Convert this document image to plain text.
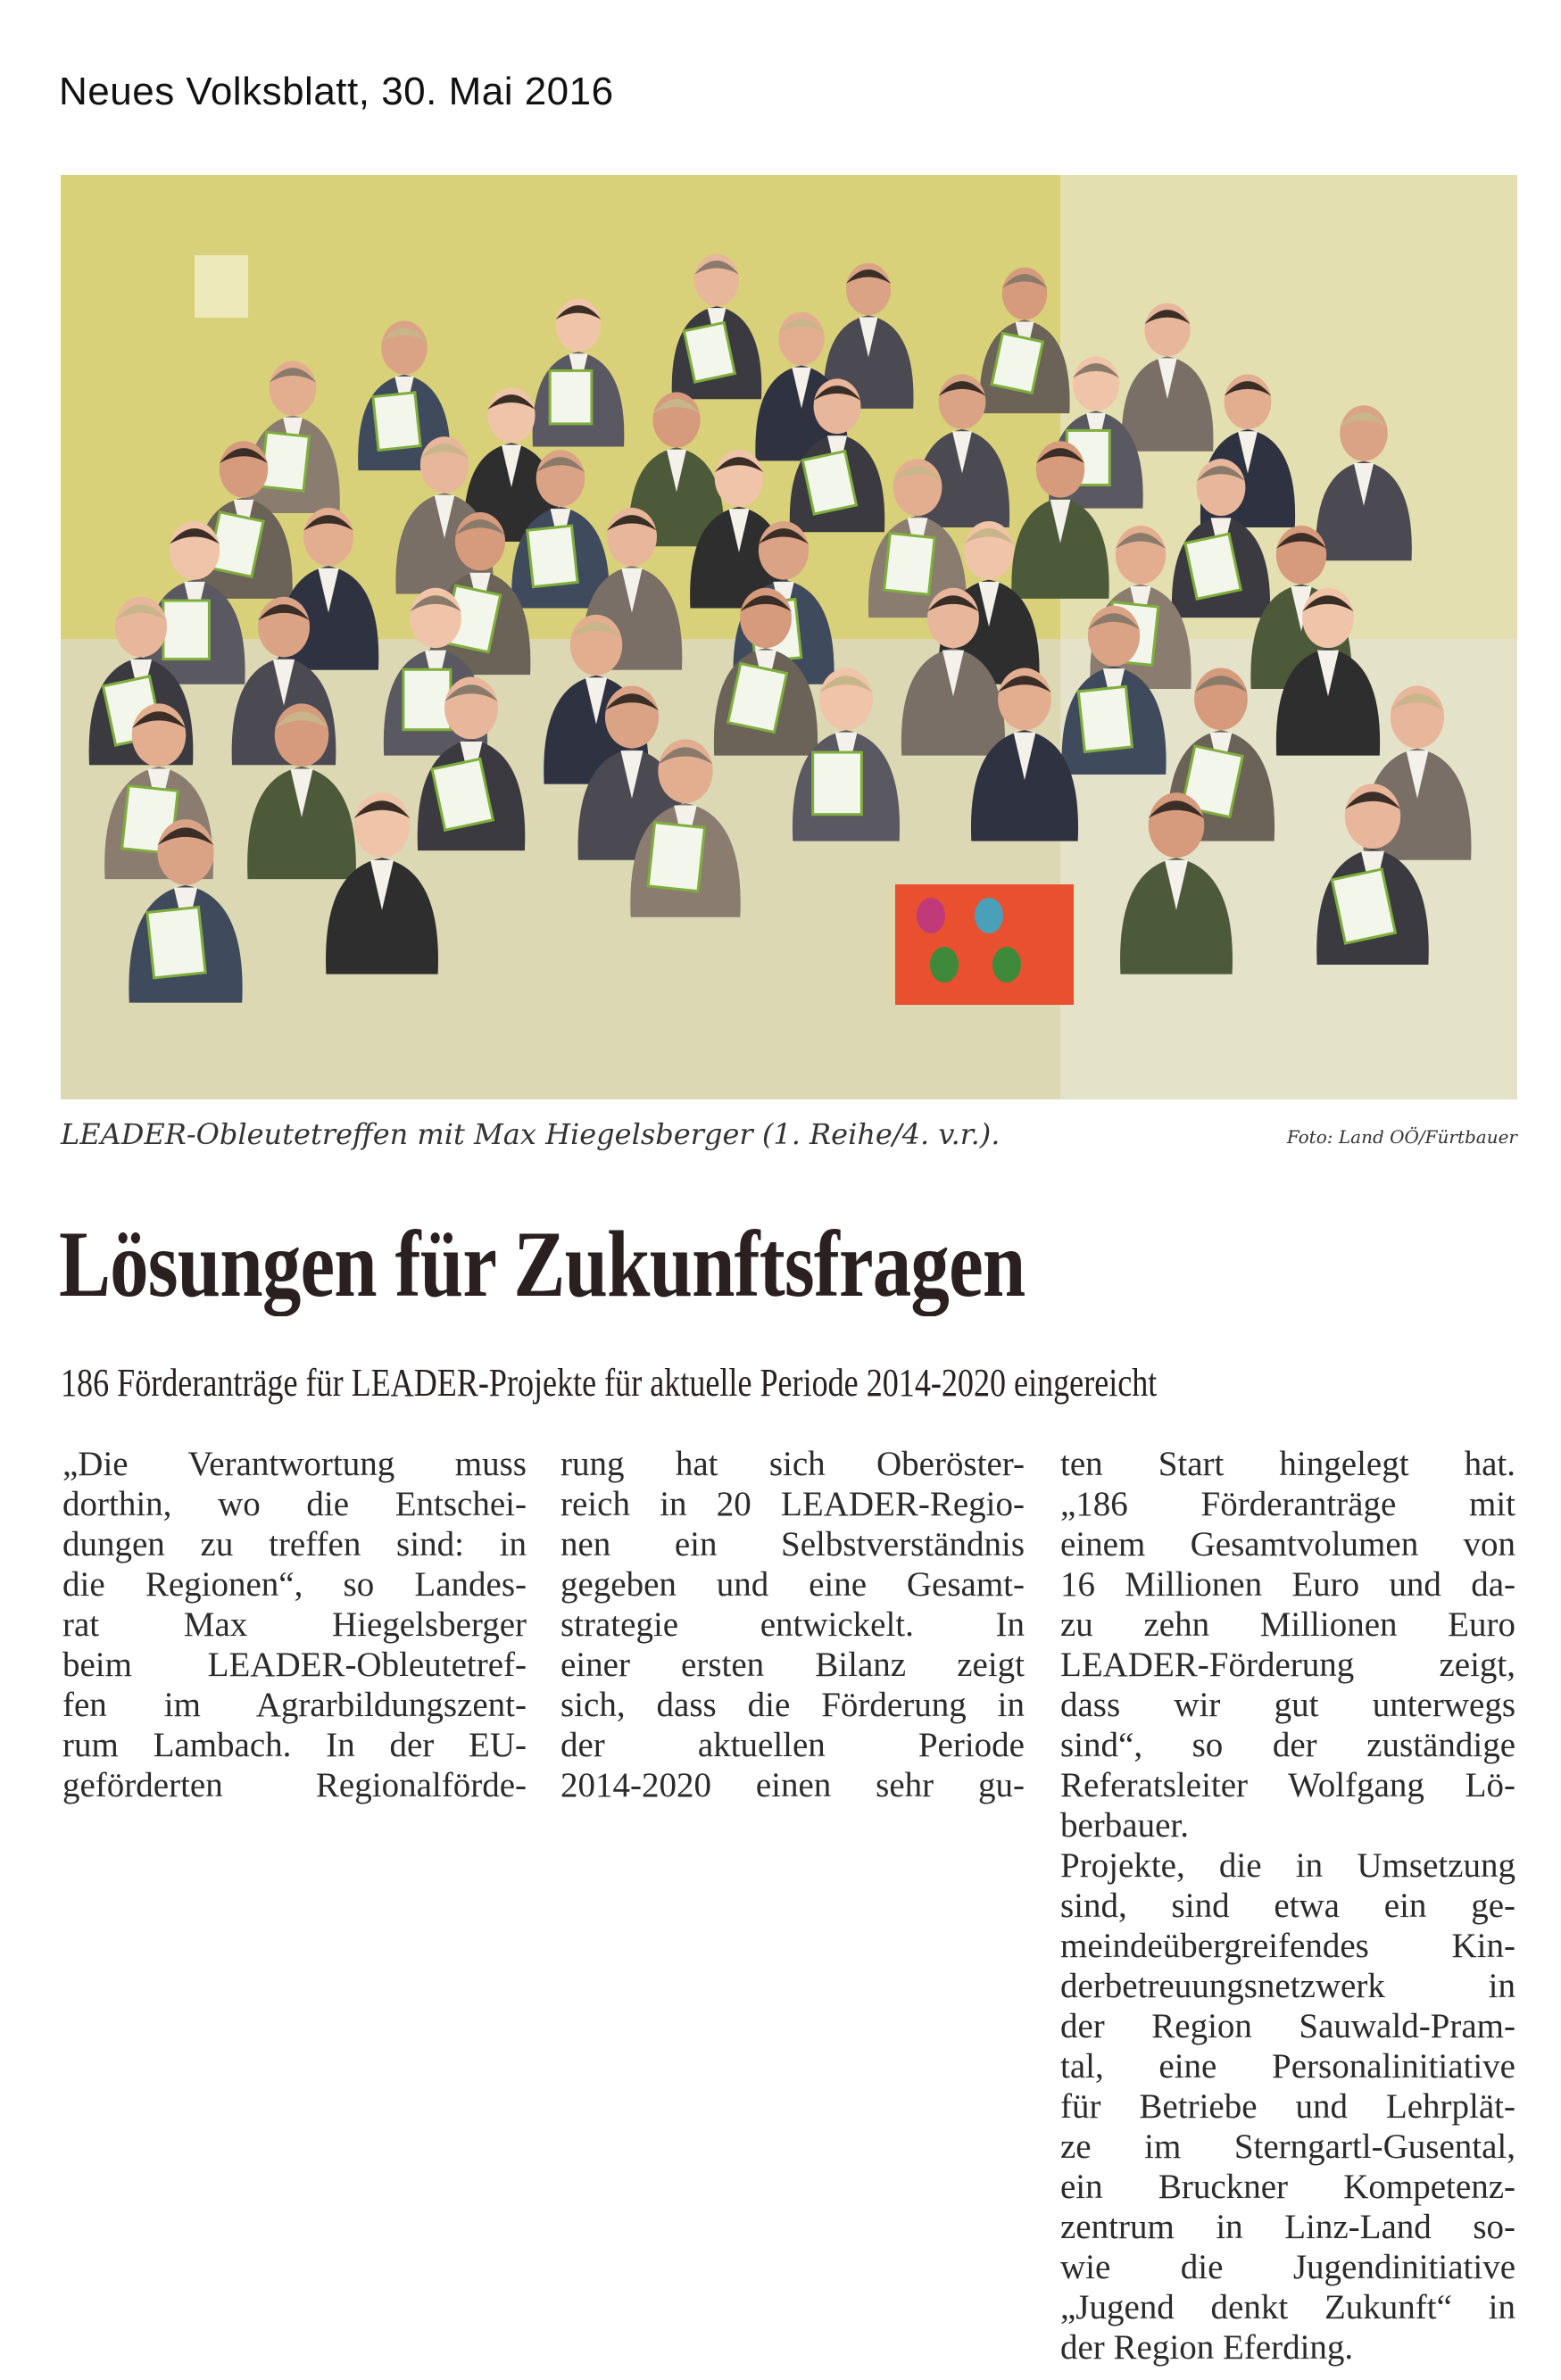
Neues Volksblatt, 30. Mai 2016
LEADER-Obleutetreffen mit Max Hiegelsberger (1. Reihe/4. v.r.).	Foto: Land OÖ/Fürtbauer
Lösungen für Zukunftsfragen
186 Förderanträge für LEADER-Projekte für aktuelle Periode 2014-2020 eingereicht
„Die Verantwortung muss
dorthin, wo die Entschei-
dungen zu treffen sind: in
die Regionen“, so Landes-
rat Max Hiegelsberger
beim LEADER-Obleutetref-
fen im Agrarbildungszent-
rum Lambach. In der EU-
geförderten Regionalförde-
rung hat sich Oberöster-
reich in 20 LEADER-Regio-
nen ein Selbstverständnis
gegeben und eine Gesamt-
strategie entwickelt. In
einer ersten Bilanz zeigt
sich, dass die Förderung in
der aktuellen Periode
2014-2020 einen sehr gu-
ten Start hingelegt hat.
„186 Förderanträge mit
einem Gesamtvolumen von
16 Millionen Euro und da-
zu zehn Millionen Euro
LEADER-Förderung zeigt,
dass wir gut unterwegs
sind“, so der zuständige
Referatsleiter Wolfgang Lö-
berbauer.
Projekte, die in Umsetzung
sind, sind etwa ein ge-
meindeübergreifendes Kin-
derbetreuungsnetzwerk in
der Region Sauwald-Pram-
tal, eine Personalinitiative
für Betriebe und Lehrplät-
ze im Sterngartl-Gusental,
ein Bruckner Kompetenz-
zentrum in Linz-Land so-
wie die Jugendinitiative
„Jugend denkt Zukunft“ in
der Region Eferding.
